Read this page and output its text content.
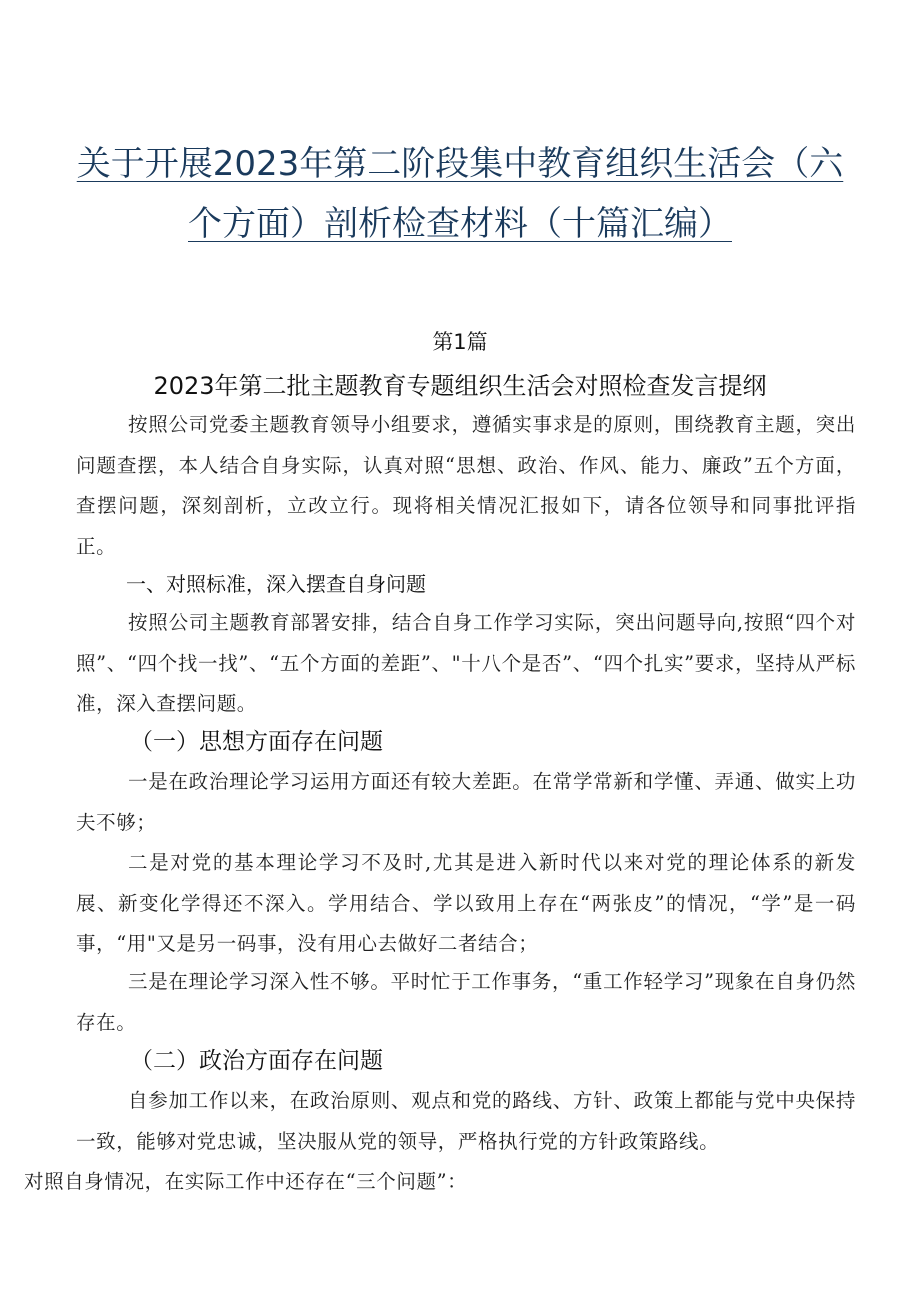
关于开展2023年第二阶段集中教育组织生活会（六
个方面）剖析检查材料（十篇汇编）
第1篇
2023年第二批主题教育专题组织生活会对照检查发言提纲
按照公司党委主题教育领导小组要求，遵循实事求是的原则，围绕教育主题，突出问题查摆，本人结合自身实际，认真对照“思想、政治、作风、能力、廉政”五个方面，查摆问题，深刻剖析，立改立行。现将相关情况汇报如下，请各位领导和同事批评指正。
一、对照标准，深入摆查自身问题
按照公司主题教育部署安排，结合自身工作学习实际，突出问题导向,按照“四个对照”、“四个找一找”、“五个方面的差距”、"十八个是否”、“四个扎实”要求，坚持从严标准，深入查摆问题。
（一）思想方面存在问题
一是在政治理论学习运用方面还有较大差距。在常学常新和学懂、弄通、做实上功夫不够；
二是对党的基本理论学习不及时,尤其是进入新时代以来对党的理论体系的新发展、新变化学得还不深入。学用结合、学以致用上存在“两张皮”的情况，“学”是一码事，“用"又是另一码事，没有用心去做好二者结合；
三是在理论学习深入性不够。平时忙于工作事务，“重工作轻学习”现象在自身仍然存在。
（二）政治方面存在问题
自参加工作以来，在政治原则、观点和党的路线、方针、政策上都能与党中央保持一致，能够对党忠诚，坚决服从党的领导，严格执行党的方针政策路线。
对照自身情况，在实际工作中还存在“三个问题”：
